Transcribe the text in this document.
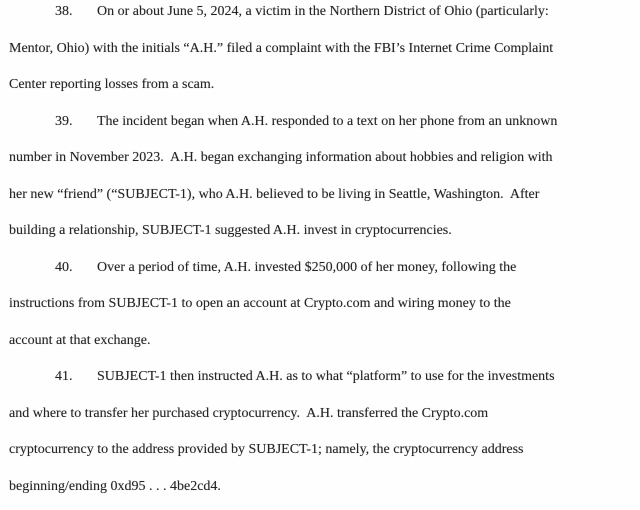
38. On or about June 5, 2024, a victim in the Northern District of Ohio (particularly:
Mentor, Ohio) with the initials “A.H.” filed a complaint with the FBI’s Internet Crime Complaint
Center reporting losses from a scam.
39. The incident began when A.H. responded to a text on her phone from an unknown
number in November 2023.  A.H. began exchanging information about hobbies and religion with
her new “friend” (“SUBJECT-1), who A.H. believed to be living in Seattle, Washington.  After
building a relationship, SUBJECT-1 suggested A.H. invest in cryptocurrencies.
40. Over a period of time, A.H. invested $250,000 of her money, following the
instructions from SUBJECT-1 to open an account at Crypto.com and wiring money to the
account at that exchange.
41. SUBJECT-1 then instructed A.H. as to what “platform” to use for the investments
and where to transfer her purchased cryptocurrency.  A.H. transferred the Crypto.com
cryptocurrency to the address provided by SUBJECT-1; namely, the cryptocurrency address
beginning/ending 0xd95 . . . 4be2cd4.
